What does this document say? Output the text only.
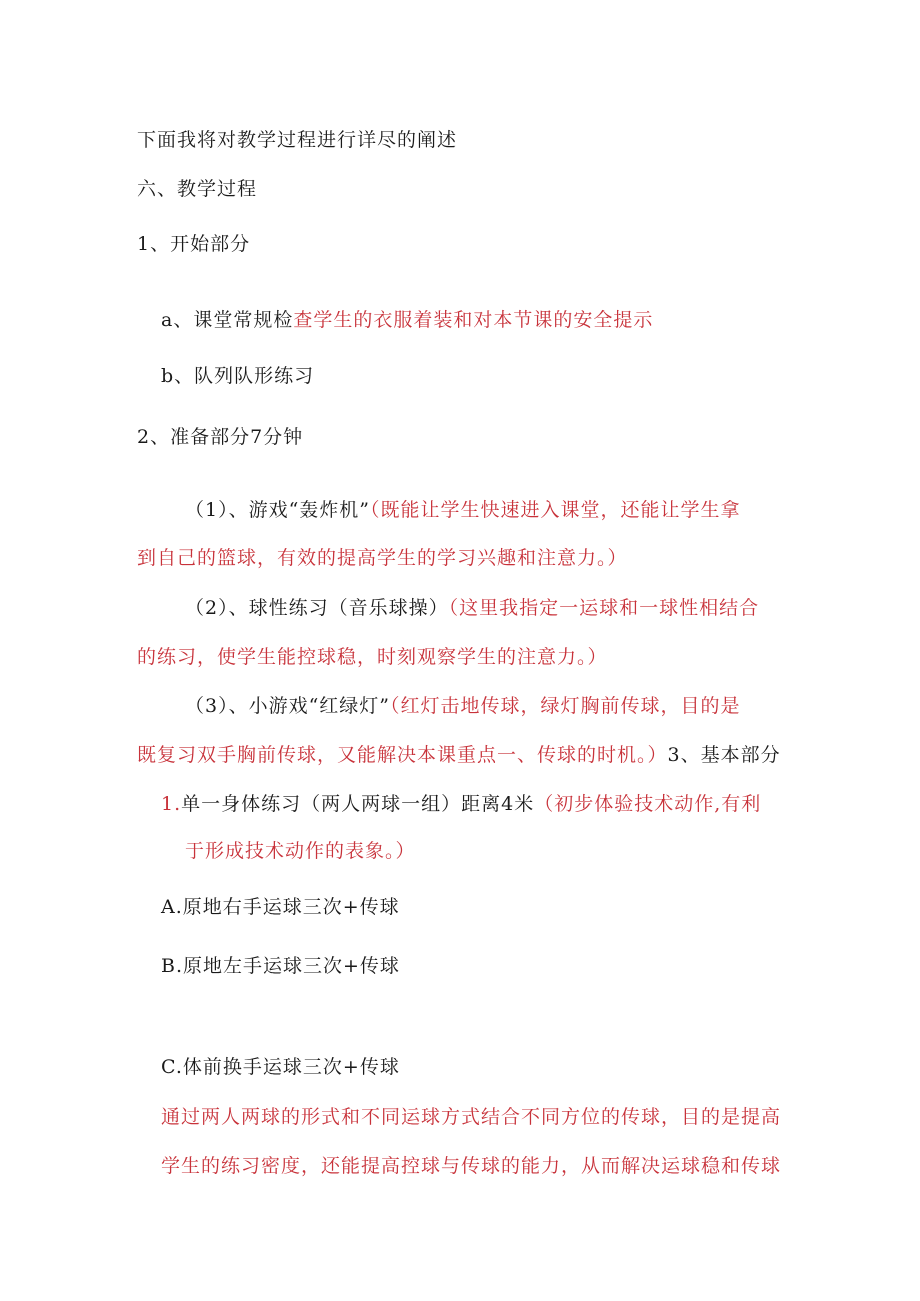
下面我将对教学过程进行详尽的阐述
六、教学过程
1、开始部分
a、课堂常规检查学生的衣服着装和对本节课的安全提示
b、队列队形练习
2、准备部分7分钟
（1）、游戏“轰炸机”（既能让学生快速进入课堂，还能让学生拿
到自己的篮球，有效的提高学生的学习兴趣和注意力。）
（2）、球性练习（音乐球操）（这里我指定一运球和一球性相结合
的练习，使学生能控球稳，时刻观察学生的注意力。）
（3）、小游戏“红绿灯”（红灯击地传球，绿灯胸前传球，目的是
既复习双手胸前传球，又能解决本课重点一、传球的时机。）3、基本部分
1.单一身体练习（两人两球一组）距离4米（初步体验技术动作,有利
于形成技术动作的表象。）
A.原地右手运球三次+传球
B.原地左手运球三次+传球
C.体前换手运球三次+传球
通过两人两球的形式和不同运球方式结合不同方位的传球，目的是提高
学生的练习密度，还能提高控球与传球的能力，从而解决运球稳和传球
